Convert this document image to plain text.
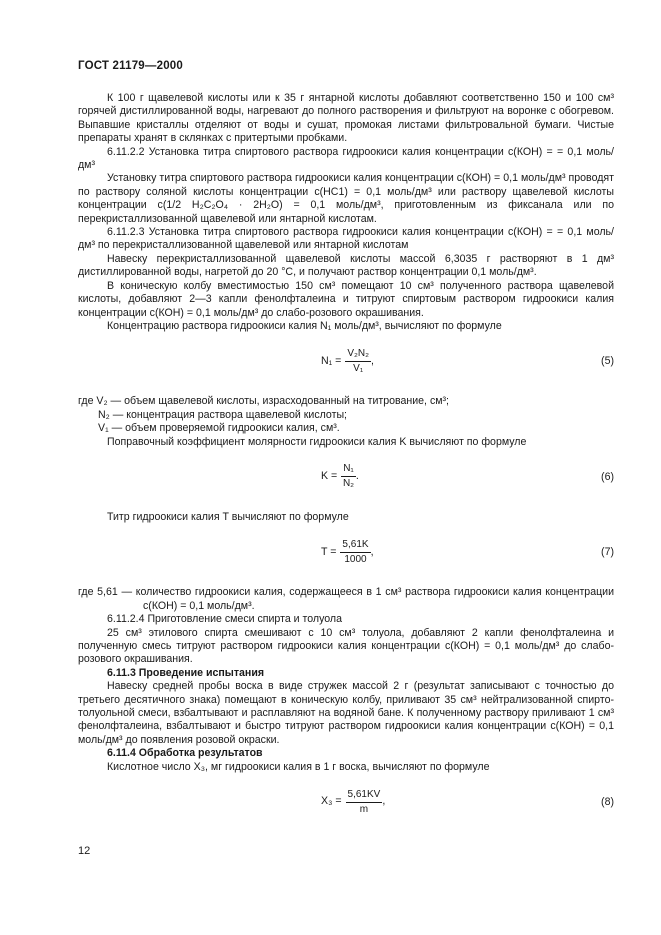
ГОСТ 21179—2000

К 100 г щавелевой кислоты или к 35 г янтарной кислоты добавляют соответственно 150 и 100 см³ горячей дистиллированной воды, нагревают до полного растворения и фильтруют на воронке с обогревом. Выпавшие кристаллы отделяют от воды и сушат, промокая листами фильтровальной бумаги. Чистые препараты хранят в склянках с притертыми пробками.

6.11.2.2 Установка титра спиртового раствора гидроокиси калия концентрации c(КОН) = = 0,1 моль/дм³

Установку титра спиртового раствора гидроокиси калия концентрации c(КОН) = 0,1 моль/дм³ проводят по раствору соляной кислоты концентрации c(HC1) = 0,1 моль/дм³ или раствору щавелевой кислоты концентрации c(1/2 H₂C₂O₄ · 2H₂O) = 0,1 моль/дм³, приготовленным из фиксанала или по перекристаллизованной щавелевой или янтарной кислотам.

6.11.2.3 Установка титра спиртового раствора гидроокиси калия концентрации c(КОН) = = 0,1 моль/дм³ по перекристаллизованной щавелевой или янтарной кислотам

Навеску перекристаллизованной щавелевой кислоты массой 6,3035 г растворяют в 1 дм³ дистиллированной воды, нагретой до 20 °С, и получают раствор концентрации 0,1 моль/дм³.

В коническую колбу вместимостью 150 см³ помещают 10 см³ полученного раствора щавелевой кислоты, добавляют 2—3 капли фенолфталеина и титруют спиртовым раствором гидроокиси калия концентрации c(КОН) = 0,1 моль/дм³ до слабо-розового окрашивания.

Концентрацию раствора гидроокиси калия N₁ моль/дм³, вычисляют по формуле

$N_1 = \frac{\text{V₂N₂}}{\text{V₁}}$ ,	(5)

где V₂ — объем щавелевой кислоты, израсходованный на титрование, см³;

N₂ — концентрация раствора щавелевой кислоты;

V₁ — объем проверяемой гидроокиси калия, см³.

Поправочный коэффициент молярности гидроокиси калия K вычисляют по формуле

$K = \frac{\text{N₁}}{\text{N₂}}$ .	(6)

Титр гидроокиси калия T вычисляют по формуле

$T = \frac{5,61K}{1000}$ ,	(7)

где 5,61 — количество гидроокиси калия, содержащееся в 1 см³ раствора гидроокиси калия концентрации c(КОН) = 0,1 моль/дм³.

6.11.2.4 Приготовление смеси спирта и толуола

25 см³ этилового спирта смешивают с 10 см³ толуола, добавляют 2 капли фенолфталеина и полученную смесь титруют раствором гидроокиси калия концентрации c(КОН) = 0,1 моль/дм³ до слабо-розового окрашивания.

6.11.3 Проведение испытания

Навеску средней пробы воска в виде стружек массой 2 г (результат записывают с точностью до третьего десятичного знака) помещают в коническую колбу, приливают 35 см³ нейтрализованной спирто-толуольной смеси, взбалтывают и расплавляют на водяной бане. К полученному раствору приливают 1 см³ фенолфталеина, взбалтывают и быстро титруют раствором гидроокиси калия концентрации c(КОН) = 0,1 моль/дм³ до появления розовой окраски.

6.11.4 Обработка результатов

Кислотное число X₃, мг гидроокиси калия в 1 г воска, вычисляют по формуле

$X_3 = \frac{5,61KV}{m}$ ,	(8)
12
